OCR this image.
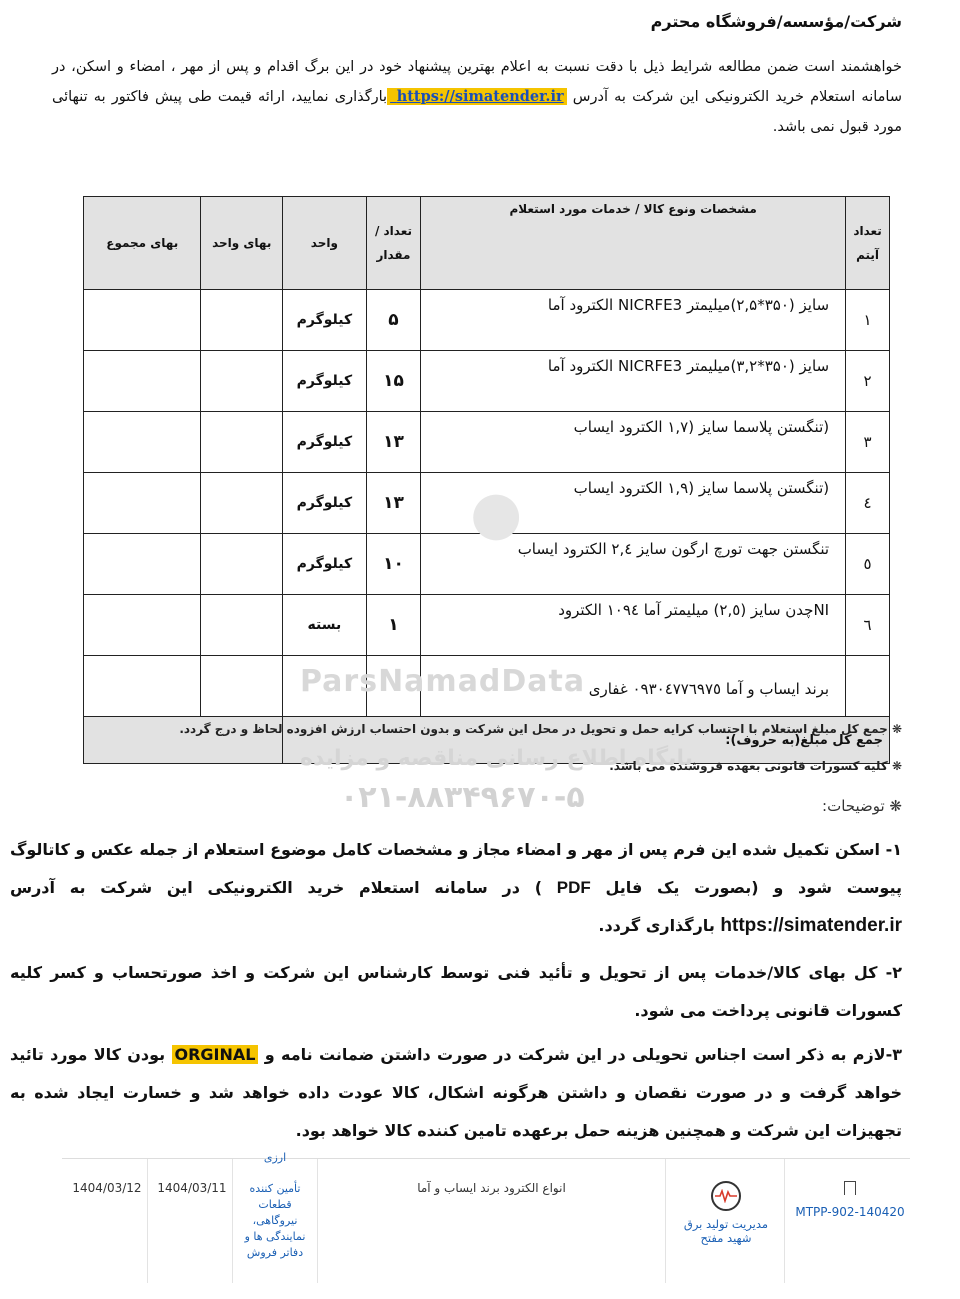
شرکت/مؤسسه/فروشگاه محترم
خواهشمند است ضمن مطالعه شرایط ذیل با دقت نسبت به اعلام بهترین پیشنهاد خود در این برگ اقدام و پس از مهر ، امضاء و اسکن، در سامانه استعلام خرید الکترونیکی این شرکت به آدرس https://simatender.ir بارگذاری نمایید، ارائه قیمت طی پیش فاکتور به تنهائی مورد قبول نمی باشد.
تعداد آیتم	مشخصات ونوع کالا / خدمات مورد استعلام	تعداد / مقدار	واحد	بهای واحد	بهای مجموع
۱	سایز (۳۵۰*۲,۵)میلیمتر NICRFE3 الکترود آما	۵	کیلوگرم		
۲	سایز (۳۵۰*۳,۲)میلیمتر NICRFE3 الکترود آما	۱۵	کیلوگرم		
۳	(تنگستن پلاسما سایز (۱,۷ الکترود ایساب	۱۳	کیلوگرم		
٤	(تنگستن پلاسما سایز (۱,۹ الکترود ایساب	۱۳	کیلوگرم		
٥	تنگستن جهت تورچ ارگون سایز ۲,٤ الکترود ایساب	۱۰	کیلوگرم		
٦	NIچدن سایز (۲,٥) میلیمتر آما ۱۰۹٤ الکترود	۱	بسته		
	برند ایساب و آما ۰۹۳۰٤۷۷٦۹۷٥ غفاری				
جمع کل مبلغ(به حروف):					
●
ParsNamadData
پایگاه اطلاع رسانی مناقصه و مزایده
۰۲۱-۸۸۳۴۹۶۷۰-۵
❋ جمع کل مبلغ استعلام با احتساب کرایه حمل و تحویل در محل این شرکت و بدون احتساب ارزش افزوده لحاظ و درج گردد.
❋ کلیه کسورات قانونی بعهده فروشنده می باشد.
❋ توضیحات:
۱- اسکن تکمیل شده این فرم پس از مهر و امضاء مجاز و مشخصات کامل موضوع استعلام از جمله عکس و کاتالوگ پیوست شود و (بصورت یک فایل PDF ) در سامانه استعلام خرید الکترونیکی این شرکت به آدرس https://simatender.ir بارگذاری گردد.
۲- کل بهای کالا/خدمات پس از تحویل و تأئید فنی توسط کارشناس این شرکت و اخذ صورتحساب و کسر کلیه کسورات قانونی پرداخت می شود.
۳-لازم به ذکر است اجناس تحویلی در این شرکت در صورت داشتن ضمانت نامه و ORGINAL بودن کالا مورد تائید خواهد گرفت و در صورت نقصان و داشتن هرگونه اشکال، کالا عودت داده خواهد شد و خسارت ایجاد شده به تجهیزات این شرکت و همچنین هزینه حمل برعهده تامین کننده کالا خواهد بود.
1404/03/12 1404/03/11
ارزی
تأمین کننده قطعات نیروگاهی، نمایندگی ها و دفاتر فروش
انواع الکترود برند ایساب و آما
مدیریت تولید برق شهید مفتح
MTPP-902-140420
